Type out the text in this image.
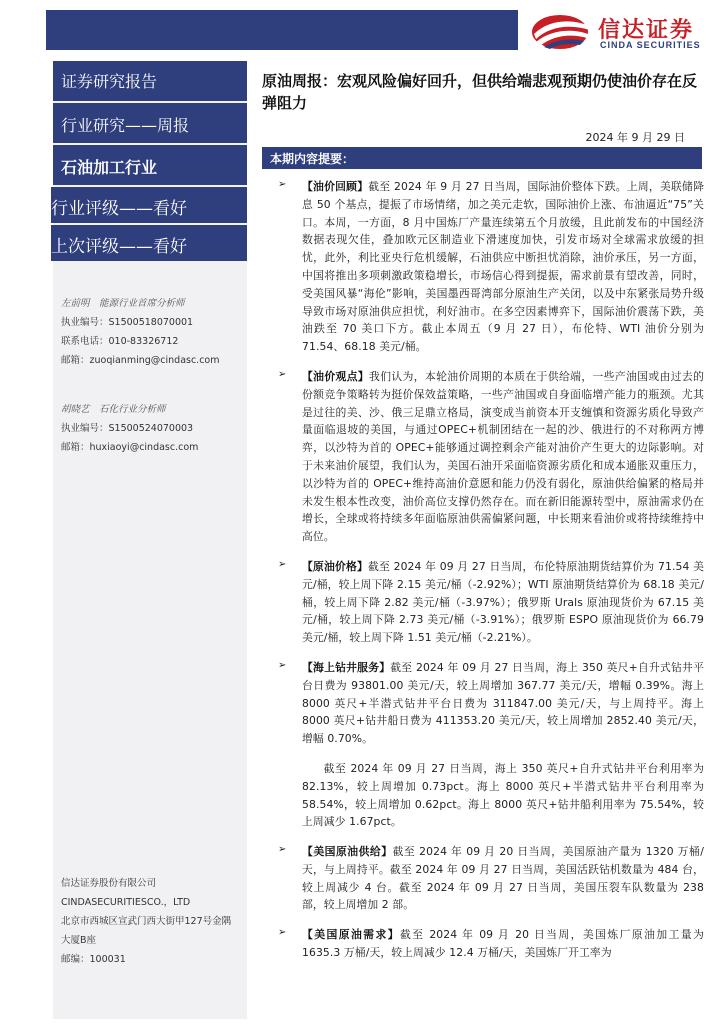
信达证券
CINDA SECURITIES
证券研究报告
行业研究——周报
石油加工行业
行业评级——看好
上次评级——看好
左前明　能源行业首席分析师
执业编号：S1500518070001
联系电话：010-83326712
邮箱：zuoqianming@cindasc.com
胡晓艺　石化行业分析师
执业编号：S1500524070003
邮箱：huxiaoyi@cindasc.com
信达证券股份有限公司
CINDASECURITIESCO.，LTD
北京市西城区宣武门西大街甲127号金隅
大厦B座
邮编：100031
原油周报：宏观风险偏好回升，但供给端悲观预期仍使油价存在反弹阻力
2024 年 9 月 29 日
本期内容提要：
➢ 【油价回顾】截至 2024 年 9 月 27 日当周，国际油价整体下跌。上周，美联储降息 50 个基点，提振了市场情绪，加之美元走软，国际油价上涨、布油逼近“75”关口。本周，一方面，8 月中国炼厂产量连续第五个月放缓，且此前发布的中国经济数据表现欠佳，叠加欧元区制造业下滑速度加快，引发市场对全球需求放缓的担忧，此外，利比亚央行危机缓解，石油供应中断担忧消除，油价承压，另一方面，中国将推出多项刺激政策稳增长，市场信心得到提振，需求前景有望改善，同时，受美国风暴“海伦”影响，美国墨西哥湾部分原油生产关闭，以及中东紧张局势升级导致市场对原油供应担忧，利好油市。在多空因素博弈下，国际油价震荡下跌，美油跌至 70 美口下方。截止本周五（9 月 27 日），布伦特、WTI 油价分别为 71.54、68.18 美元/桶。

➢ 【油价观点】我们认为，本轮油价周期的本质在于供给端，一些产油国或由过去的份额竞争策略转为挺价保效益策略，一些产油国或自身面临增产能力的瓶颈。尤其是过往的美、沙、俄三足鼎立格局，演变成当前资本开支缠慎和资源劣质化导致产量面临退坡的美国，与通过OPEC+机制团结在一起的沙、俄进行的不对称两方博弈，以沙特为首的 OPEC+能够通过调控剩余产能对油价产生更大的边际影响。对于未来油价展望，我们认为，美国石油开采面临资源劣质化和成本通胀双重压力，以沙特为首的 OPEC+维持高油价意愿和能力仍没有弱化，原油供给偏紧的格局并未发生根本性改变，油价高位支撑仍然存在。而在新旧能源转型中，原油需求仍在增长，全球或将持续多年面临原油供需偏紧问题，中长期来看油价或将持续维持中高位。

➢ 【原油价格】截至 2024 年 09 月 27 日当周，布伦特原油期货结算价为 71.54 美元/桶，较上周下降 2.15 美元/桶（-2.92%）；WTI 原油期货结算价为 68.18 美元/桶，较上周下降 2.82 美元/桶（-3.97%）；俄罗斯 Urals 原油现货价为 67.15 美元/桶，较上周下降 2.73 美元/桶（-3.91%）；俄罗斯 ESPO 原油现货价为 66.79 美元/桶，较上周下降 1.51 美元/桶（-2.21%）。

➢ 【海上钻井服务】截至 2024 年 09 月 27 日当周，海上 350 英尺+自升式钻井平台日费为 93801.00 美元/天，较上周增加 367.77 美元/天，增幅 0.39%。海上 8000 英尺+半潜式钻井平台日费为 311847.00 美元/天，与上周持平。海上 8000 英尺+钻井船日费为 411353.20 美元/天，较上周增加 2852.40 美元/天，增幅 0.70%。

截至 2024 年 09 月 27 日当周，海上 350 英尺+自升式钻井平台利用率为 82.13%，较上周增加 0.73pct。海上 8000 英尺+半潜式钻井平台利用率为 58.54%，较上周增加 0.62pct。海上 8000 英尺+钻井船利用率为 75.54%，较上周减少 1.67pct。

➢ 【美国原油供给】截至 2024 年 09 月 20 日当周，美国原油产量为 1320 万桶/天，与上周持平。截至 2024 年 09 月 27 日当周，美国活跃钻机数量为 484 台，较上周减少 4 台。截至 2024 年 09 月 27 日当周，美国压裂车队数量为 238 部，较上周增加 2 部。

➢ 【美国原油需求】截至 2024 年 09 月 20 日当周，美国炼厂原油加工量为 1635.3 万桶/天，较上周减少 12.4 万桶/天，美国炼厂开工率为
